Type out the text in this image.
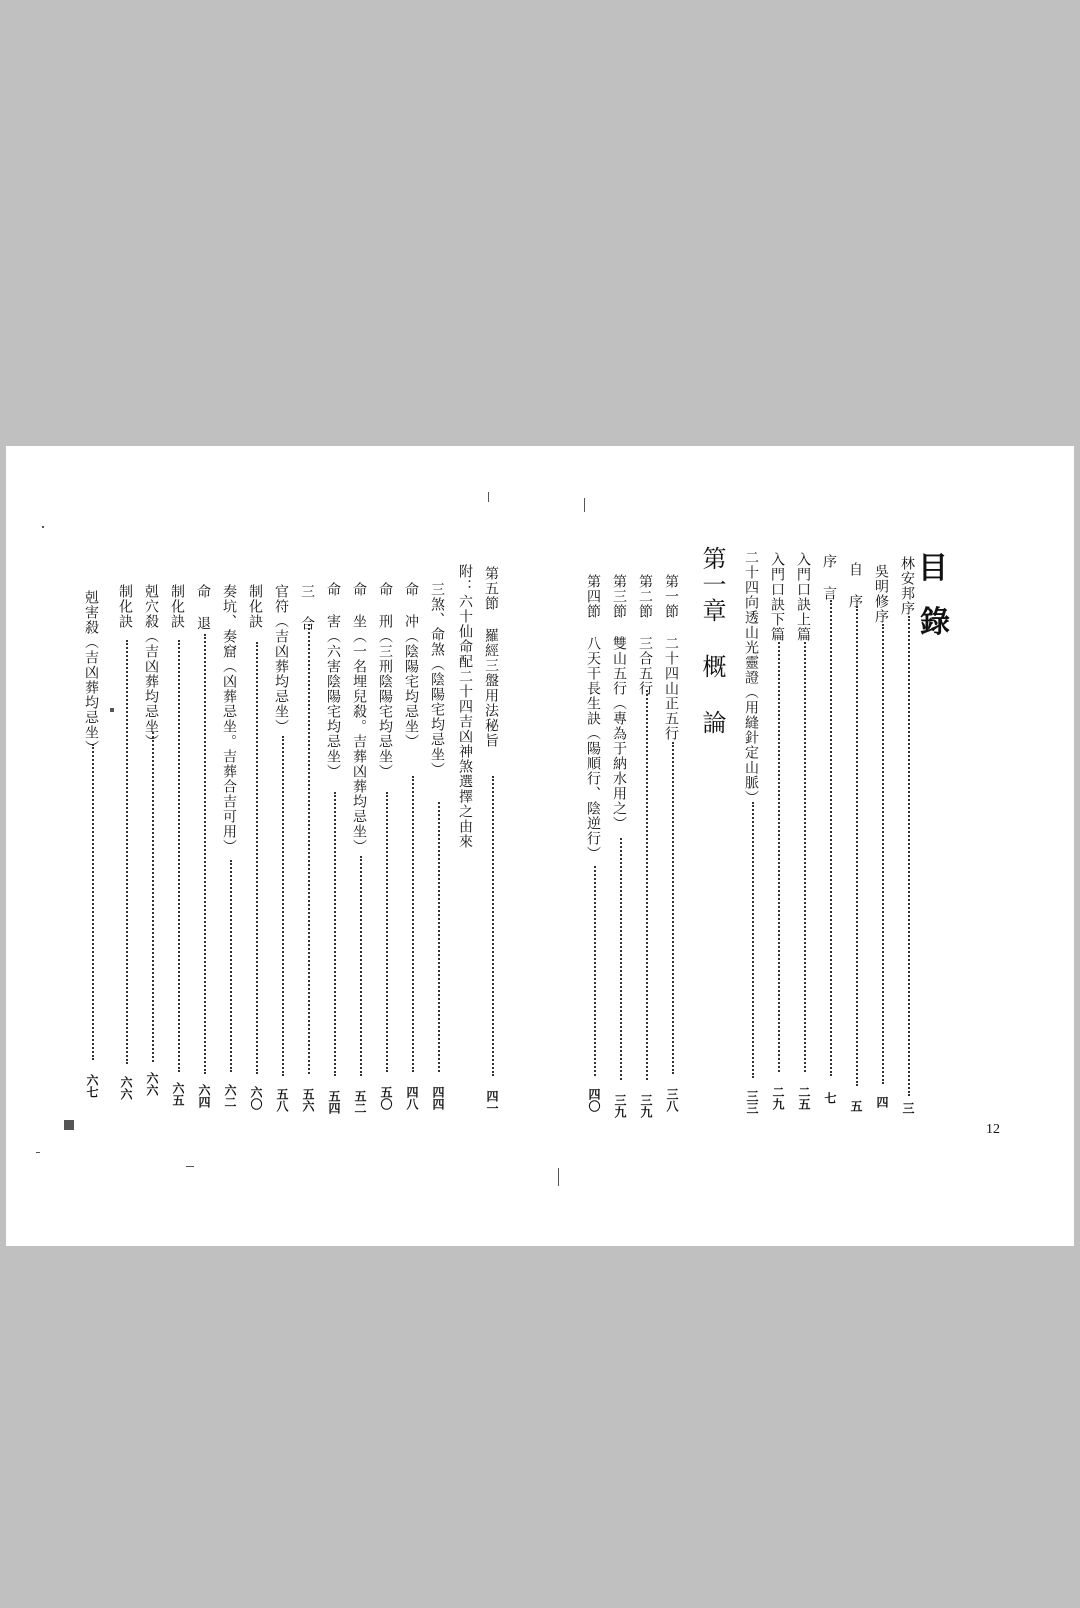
目
錄
12
林安邦序
三
吳明修序
四
自 序
五
序 言
七
入門口訣上篇
二五
入門口訣下篇
二九
二十四向透山光靈證（用縫針定山脈）
三三
第一章 概 論
第一節 二十四山正五行
三八
第二節 三合五行
三九
第三節 雙山五行（專為于納水用之）
三九
第四節 八天干長生訣（陽順行、陰逆行）
四〇
第五節 羅經三盤用法秘旨
四一
附：六十仙命配二十四吉凶神煞選擇之由來
三煞、命煞（陰陽宅均忌坐）
四四
命 冲（陰陽宅均忌坐）
四八
命 刑（三刑陰陽宅均忌坐）
五〇
命 坐（一名埋兒殺。吉葬凶葬均忌坐）
五二
命 害（六害陰陽宅均忌坐）
五四
三 合
五六
官符（吉凶葬均忌坐）
五八
制化訣
六〇
奏坑、奏窟（凶葬忌坐。吉葬合吉可用）
六二
命 退
六四
制化訣
六五
剋穴殺（吉凶葬均忌坐）
六六
制化訣
六六
剋害殺（吉凶葬均忌坐）
六七
